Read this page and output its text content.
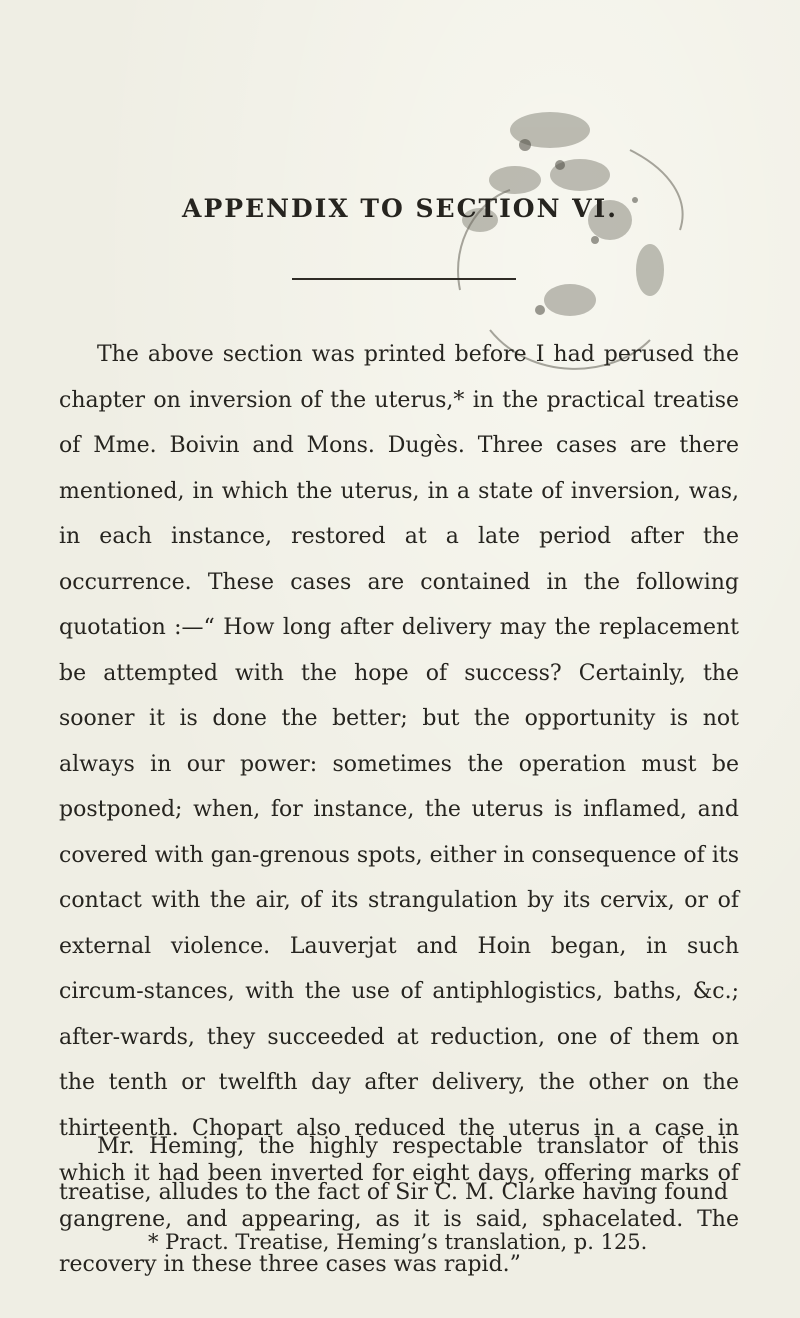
APPENDIX TO SECTION VI.

The above section was printed before I had perused the chapter on inversion of the uterus,* in the practical treatise of Mme. Boivin and Mons. Dugès. Three cases are there mentioned, in which the uterus, in a state of inversion, was, in each instance, restored at a late period after the occurrence. These cases are contained in the following quotation :—“ How long after delivery may the replacement be attempted with the hope of success? Certainly, the sooner it is done the better; but the opportunity is not always in our power: sometimes the operation must be postponed; when, for instance, the uterus is inflamed, and covered with gan-grenous spots, either in consequence of its contact with the air, of its strangulation by its cervix, or of external violence. Lauverjat and Hoin began, in such circum-stances, with the use of antiphlogistics, baths, &c.; after-wards, they succeeded at reduction, one of them on the tenth or twelfth day after delivery, the other on the thirteenth. Chopart also reduced the uterus in a case in which it had been inverted for eight days, offering marks of gangrene, and appearing, as it is said, sphacelated. The recovery in these three cases was rapid.”

Mr. Heming, the highly respectable translator of this treatise, alludes to the fact of Sir C. M. Clarke having found

* Pract. Treatise, Heming’s translation, p. 125.
